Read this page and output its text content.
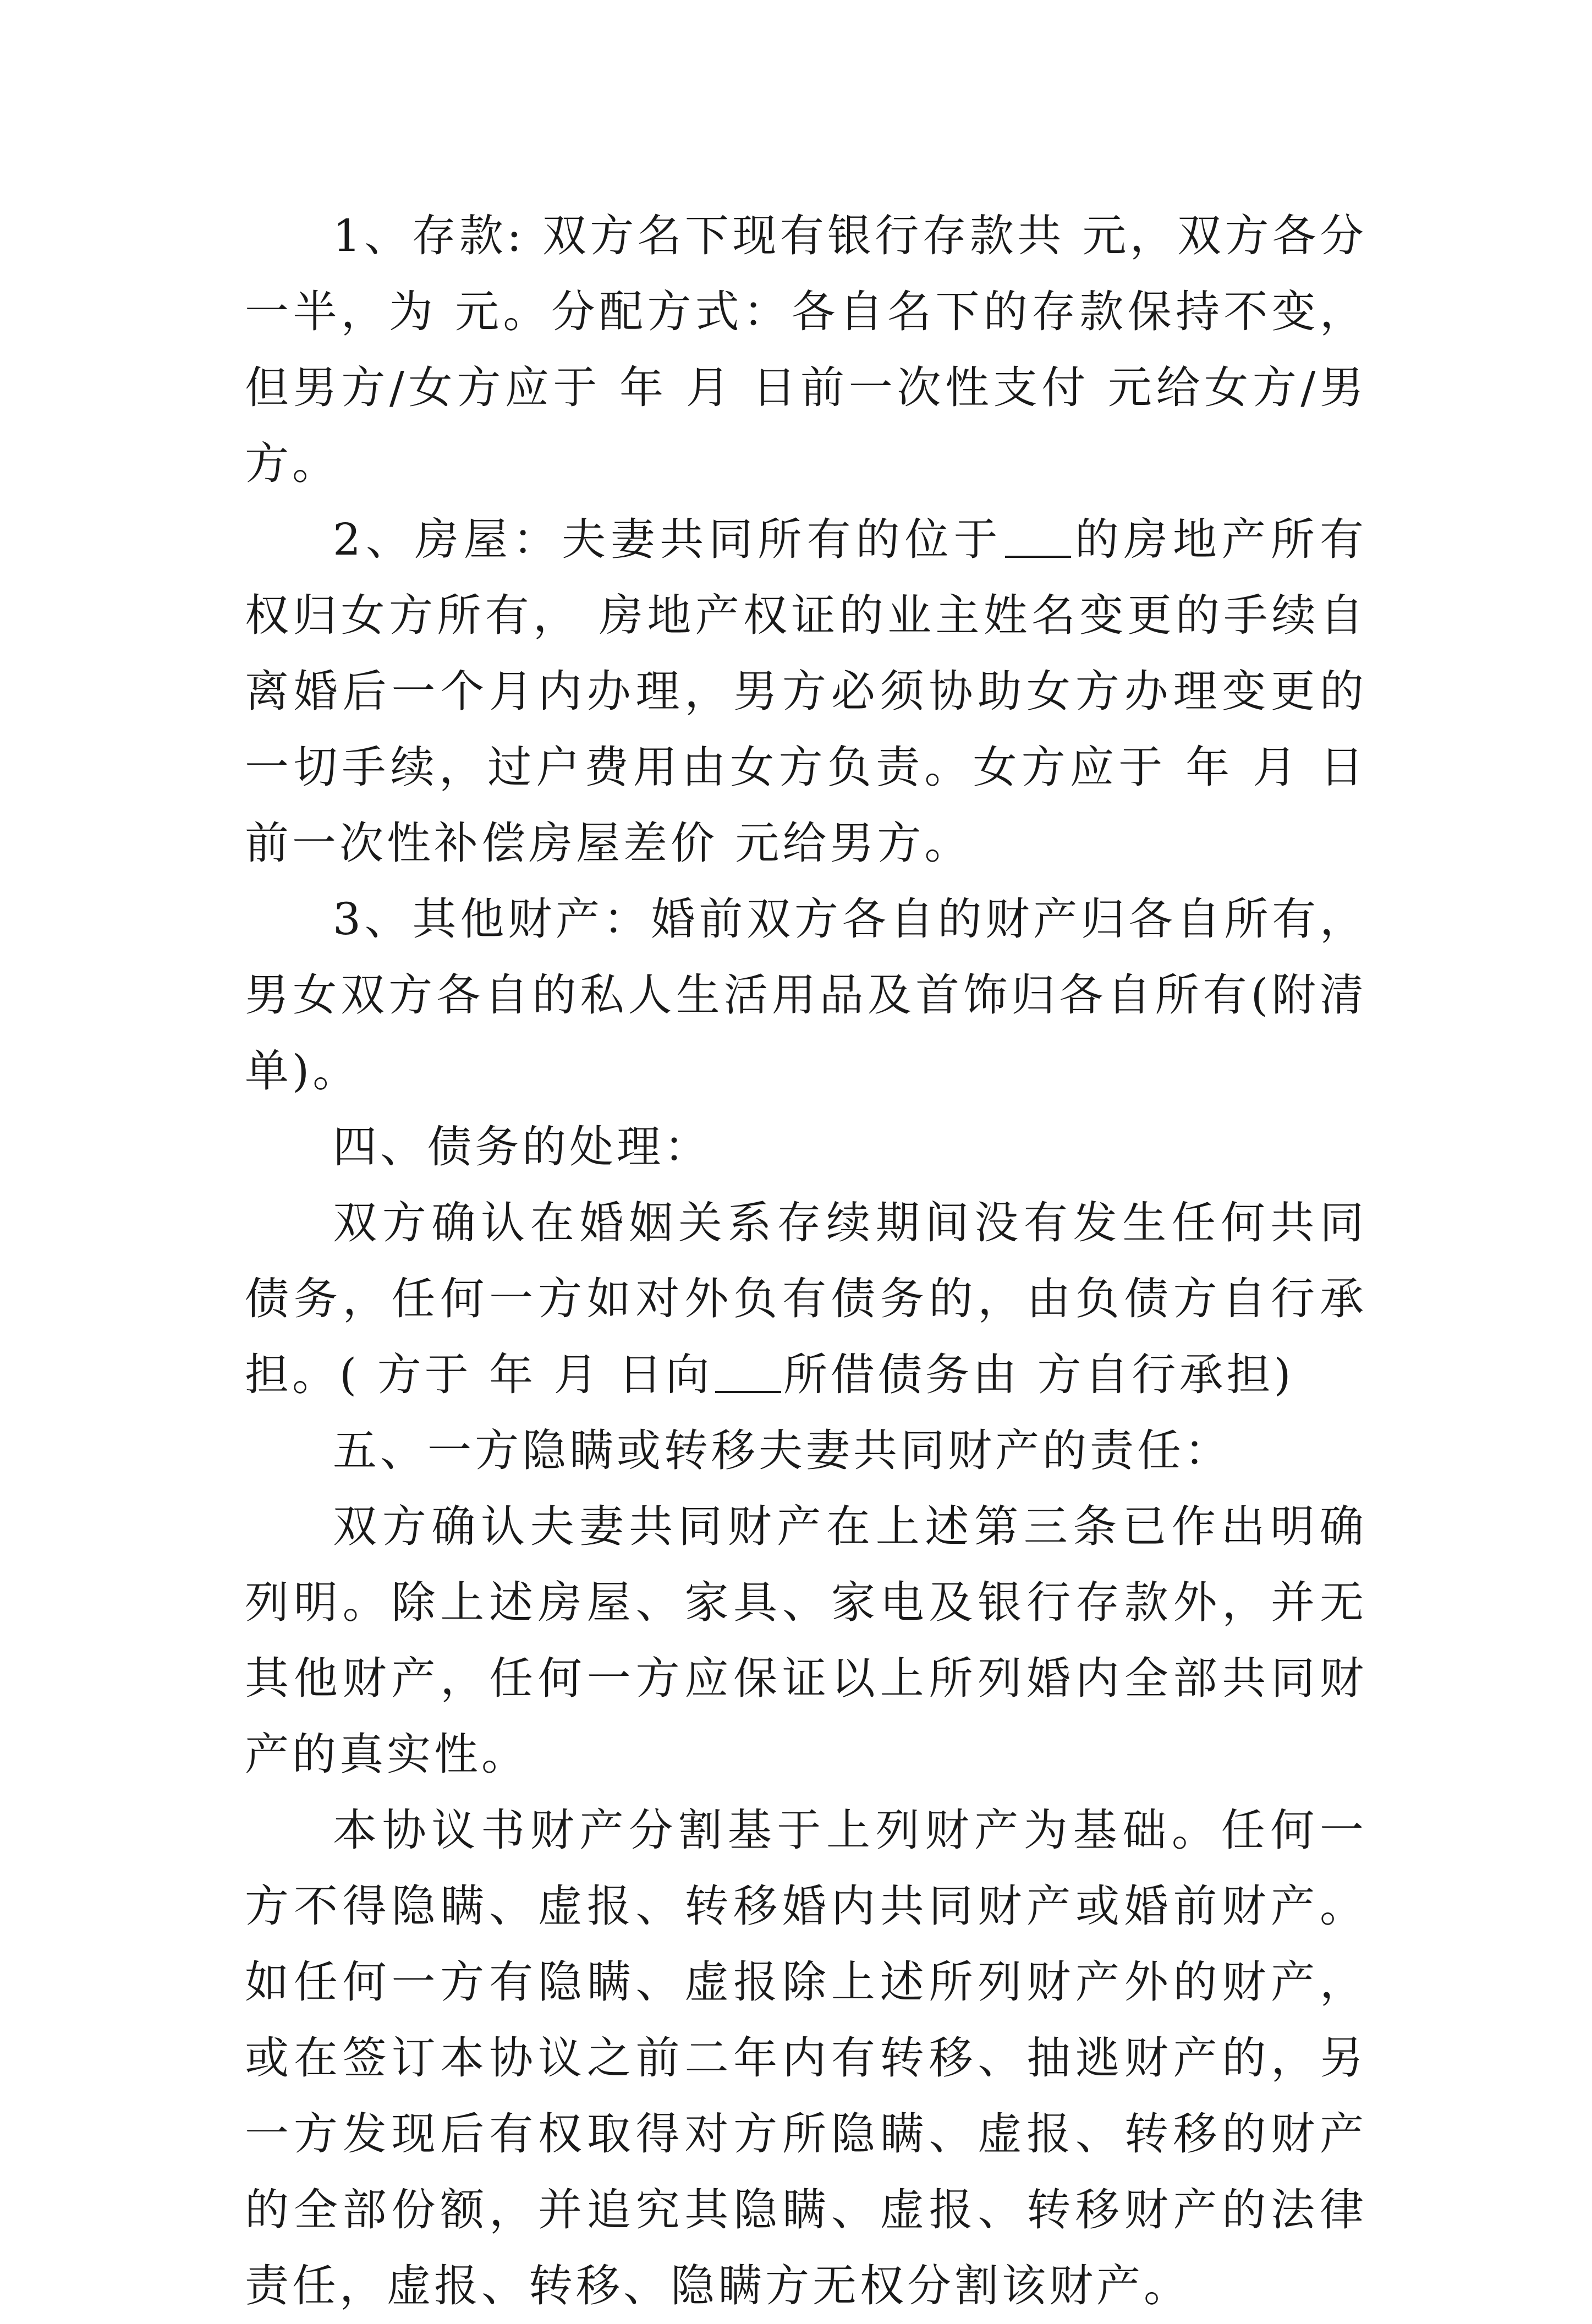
1、存款: 双方名下现有银行存款共 元，双方各分一半，为 元。分配方式：各自名下的存款保持不变，但男方/女方应于 年 月 日前一次性支付 元给女方/男方。

2、房屋：夫妻共同所有的位于 的房地产所有权归女方所有， 房地产权证的业主姓名变更的手续自离婚后一个月内办理，男方必须协助女方办理变更的一切手续，过户费用由女方负责。女方应于 年 月 日前一次性补偿房屋差价 元给男方。

3、其他财产：婚前双方各自的财产归各自所有，男女双方各自的私人生活用品及首饰归各自所有(附清单)。

四、债务的处理：

双方确认在婚姻关系存续期间没有发生任何共同债务，任何一方如对外负有债务的，由负债方自行承担。( 方于 年 月 日向 所借债务由 方自行承担)

五、一方隐瞒或转移夫妻共同财产的责任：

双方确认夫妻共同财产在上述第三条已作出明确列明。除上述房屋、家具、家电及银行存款外，并无其他财产，任何一方应保证以上所列婚内全部共同财产的真实性。

本协议书财产分割基于上列财产为基础。任何一方不得隐瞒、虚报、转移婚内共同财产或婚前财产。如任何一方有隐瞒、虚报除上述所列财产外的财产，或在签订本协议之前二年内有转移、抽逃财产的，另一方发现后有权取得对方所隐瞒、虚报、转移的财产的全部份额，并追究其隐瞒、虚报、转移财产的法律责任，虚报、转移、隐瞒方无权分割该财产。
